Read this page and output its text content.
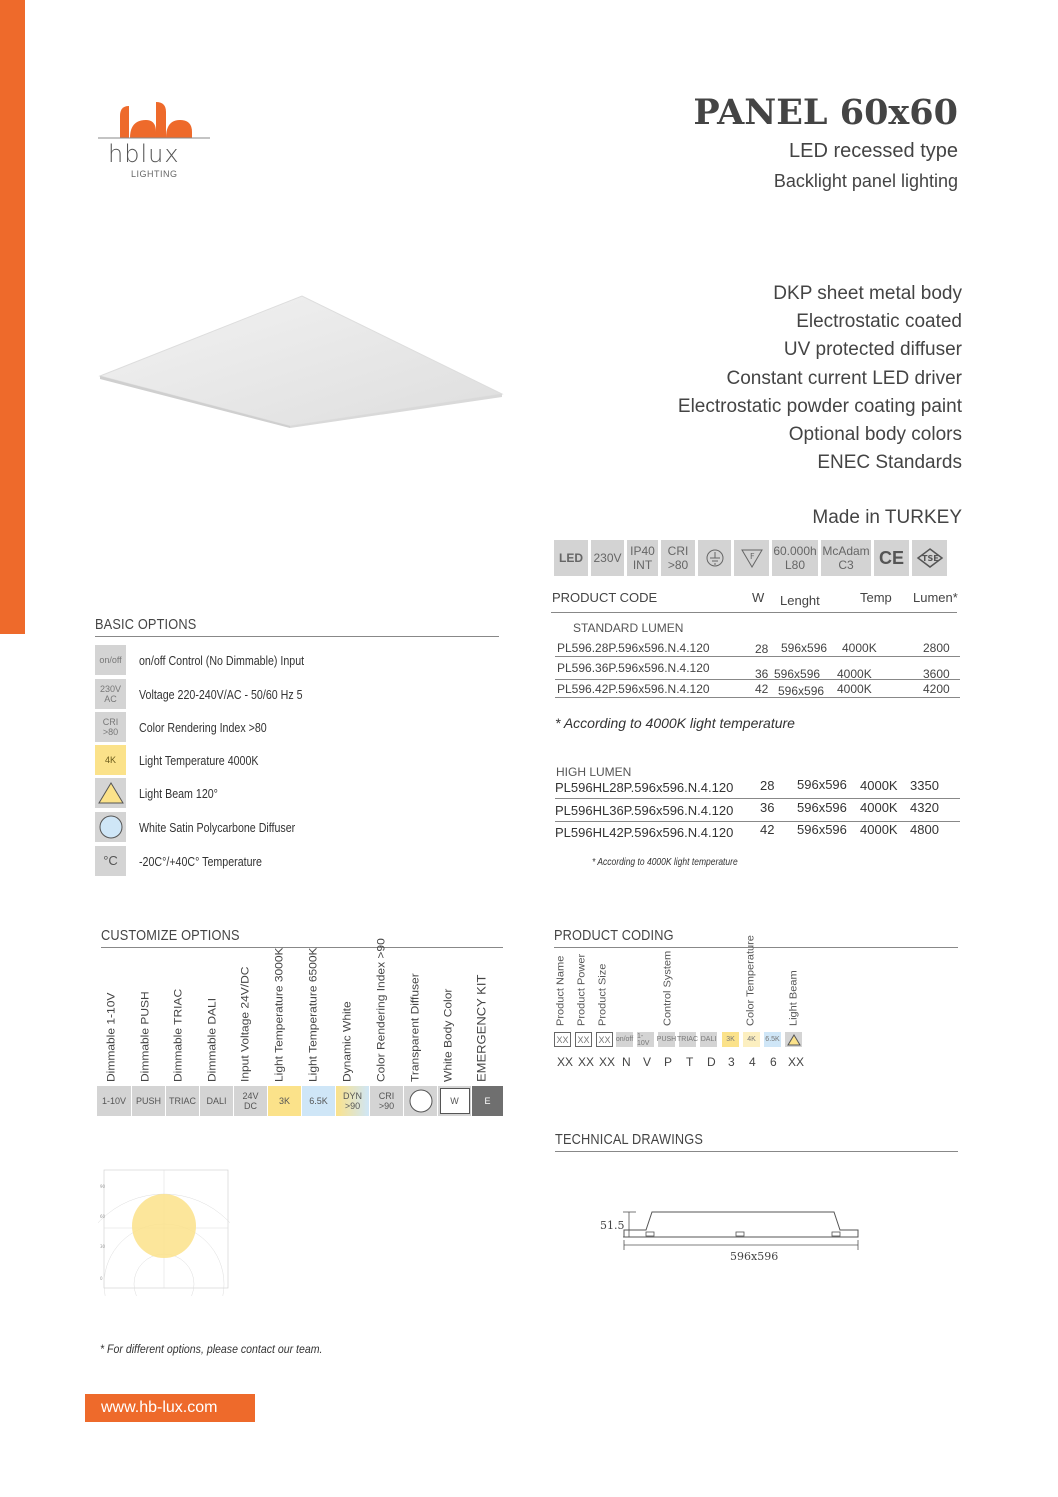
hblux
LIGHTING
PANEL 60x60
LED recessed type
Backlight panel lighting
DKP sheet metal body
Electrostatic coated
UV protected diffuser
Constant current LED driver
Electrostatic powder coating paint
Optional body colors
ENEC Standards
Made in TURKEY
LED 230V IP40
INT
CRI
>80
F 60.000h
L80
McAdam
C3	CE	TSE
PRODUCT CODE	W Lenght	Temp Lumen*
STANDARD LUMEN
PL596.28P.596x596.N.4.120	28 596x596 4000K	2800
PL596.36P.596x596.N.4.120	36 596x596 4000K	3600
PL596.42P.596x596.N.4.120	42 596x596 4000K	4200
* According to 4000K light temperature
HIGH LUMEN
PL596HL28P.596x596.N.4.120 28 596x596 4000K 3350
PL596HL36P.596x596.N.4.120 36 596x596 4000K 4320
PL596HL42P.596x596.N.4.120 42 596x596 4000K 4800
* According to 4000K light temperature
BASIC OPTIONS
on/off	on/off Control (No Dimmable) Input
230V
AC	Voltage 220-240V/AC - 50/60 Hz 5
CRI
>80	Color Rendering Index >80
4K	Light Temperature 4000K
Light Beam 120°
White Satin Polycarbone Diffuser
°C	-20C°/+40C° Temperature
CUSTOMIZE OPTIONS
Dimmable 1-10V Dimmable PUSH Dimmable TRIAC Dimmable DALI Input Voltage 24V/DC Light Temperature 3000K Light Temperature 6500K Dynamic White Color Rendering Index >90 Transparent Diffuser White Body Color EMERGENCY KIT
1-10V	PUSH TRIAC	DALI	24V
DC	3K	6.5K	DYN
>90
CRI
>90	W	E
PRODUCT CODING
Product Name Product Power Product Size	Control System	Color Temperature	Light Beam
XX XX XX on/off 1-10V	PUSH TRIAC DALI	3K	4K	6.5K
XX XX XX N V P T D 3 4 6 XX
TECHNICAL DRAWINGS
51.5
596x596
90
60
30
0
* For different options, please contact our team.
www.hb-lux.com
